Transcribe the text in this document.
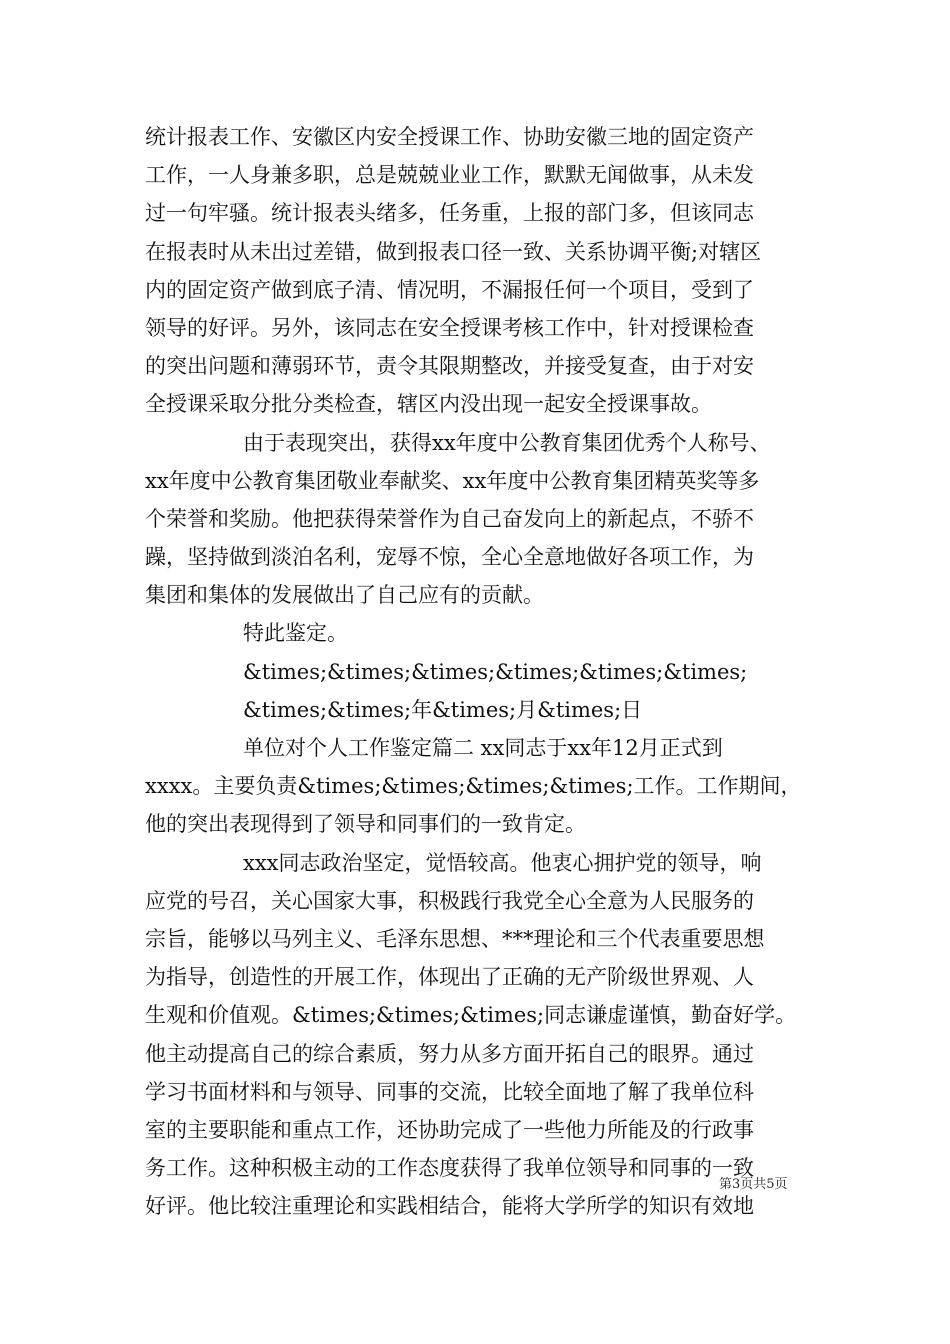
统计报表工作、安徽区内安全授课工作、协助安徽三地的固定资产
工作，一人身兼多职，总是兢兢业业工作，默默无闻做事，从未发
过一句牢骚。统计报表头绪多，任务重，上报的部门多，但该同志
在报表时从未出过差错，做到报表口径一致、关系协调平衡;对辖区
内的固定资产做到底子清、情况明，不漏报任何一个项目，受到了
领导的好评。另外，该同志在安全授课考核工作中，针对授课检查
的突出问题和薄弱环节，责令其限期整改，并接受复查，由于对安
全授课采取分批分类检查，辖区内没出现一起安全授课事故。
由于表现突出，获得xx年度中公教育集团优秀个人称号、
xx年度中公教育集团敬业奉献奖、xx年度中公教育集团精英奖等多
个荣誉和奖励。他把获得荣誉作为自己奋发向上的新起点，不骄不
躁，坚持做到淡泊名利，宠辱不惊，全心全意地做好各项工作，为
集团和集体的发展做出了自己应有的贡献。
特此鉴定。
&times;&times;&times;&times;&times;&times;
&times;&times;年&times;月&times;日
单位对个人工作鉴定篇二 xx同志于xx年12月正式到
xxxx。主要负责&times;&times;&times;&times;工作。工作期间，
他的突出表现得到了领导和同事们的一致肯定。
xxx同志政治坚定，觉悟较高。他衷心拥护党的领导，响
应党的号召，关心国家大事，积极践行我党全心全意为人民服务的
宗旨，能够以马列主义、毛泽东思想、***理论和三个代表重要思想
为指导，创造性的开展工作，体现出了正确的无产阶级世界观、人
生观和价值观。&times;&times;&times;同志谦虚谨慎，勤奋好学。
他主动提高自己的综合素质，努力从多方面开拓自己的眼界。通过
学习书面材料和与领导、同事的交流，比较全面地了解了我单位科
室的主要职能和重点工作，还协助完成了一些他力所能及的行政事
务工作。这种积极主动的工作态度获得了我单位领导和同事的一致
好评。他比较注重理论和实践相结合，能将大学所学的知识有效地
第3页共5页
